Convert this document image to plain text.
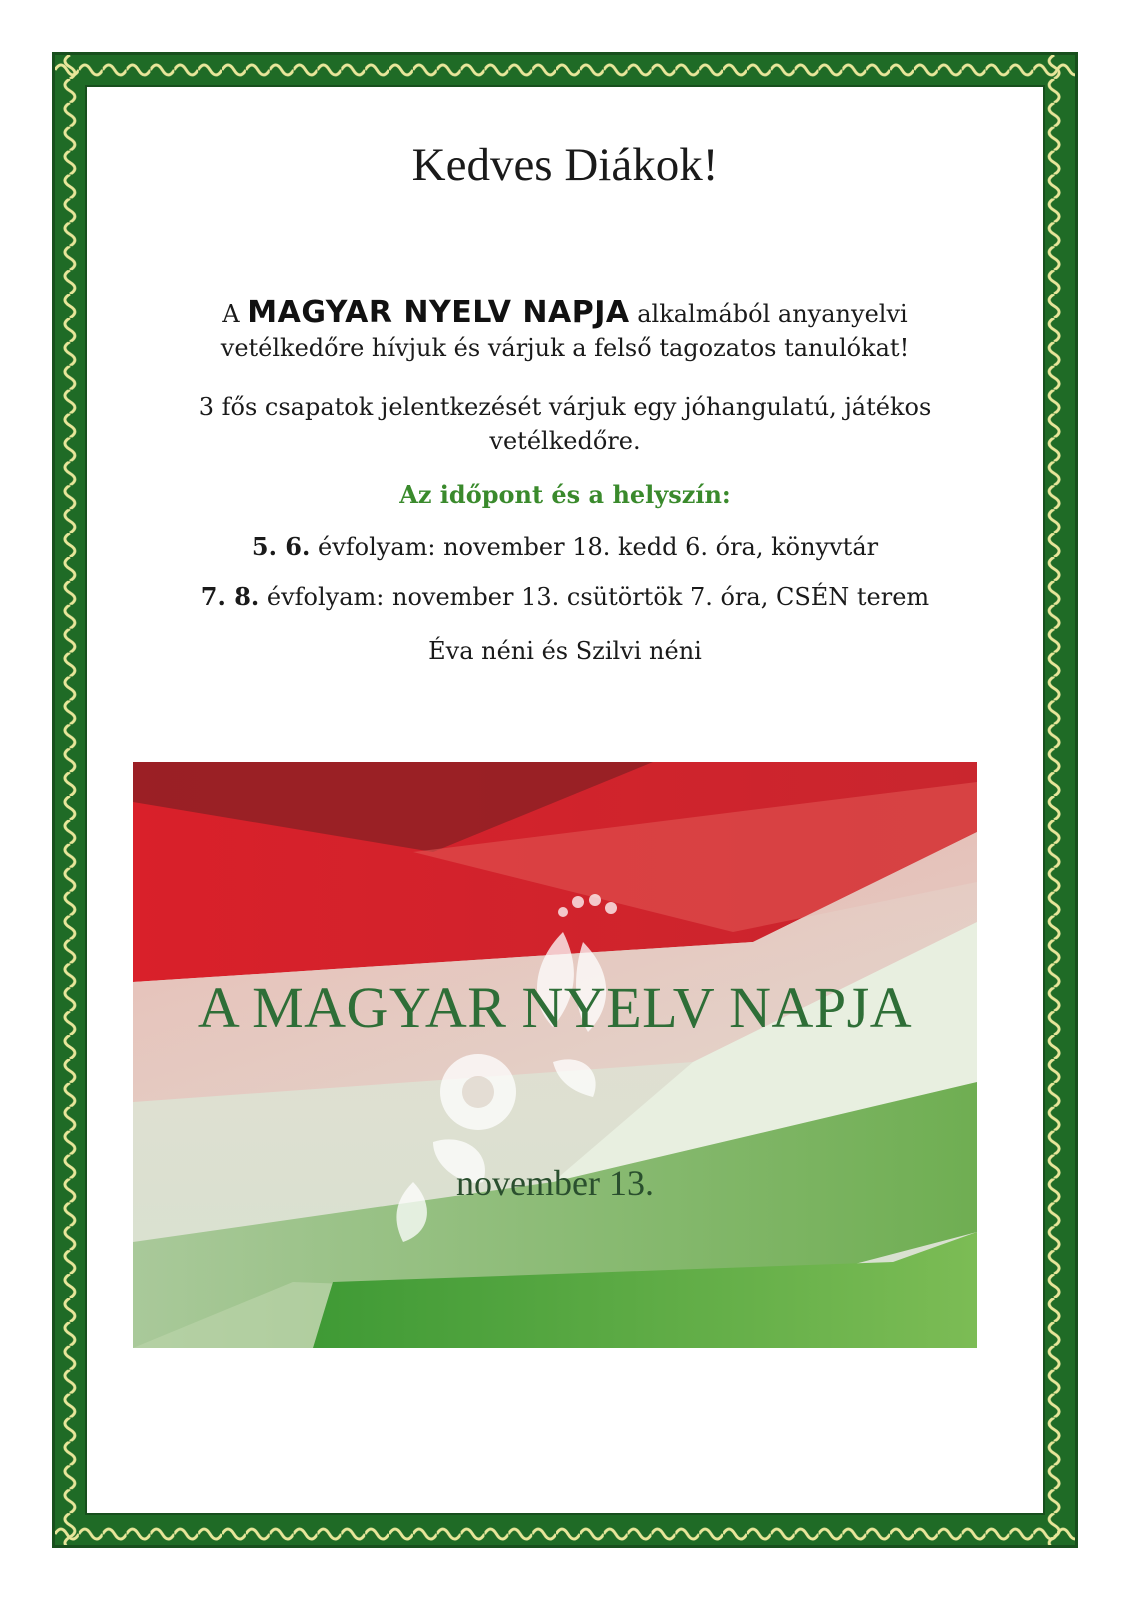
Kedves Diákok!
A MAGYAR NYELV NAPJA alkalmából anyanyelvi vetélkedőre hívjuk és várjuk a felső tagozatos tanulókat!
3 fős csapatok jelentkezését várjuk egy jóhangulatú, játékos vetélkedőre.
Az időpont és a helyszín:
5. 6. évfolyam: november 18. kedd 6. óra, könyvtár
7. 8. évfolyam: november 13. csütörtök 7. óra, CSÉN terem
Éva néni és Szilvi néni
A MAGYAR NYELV NAPJA
november 13.
